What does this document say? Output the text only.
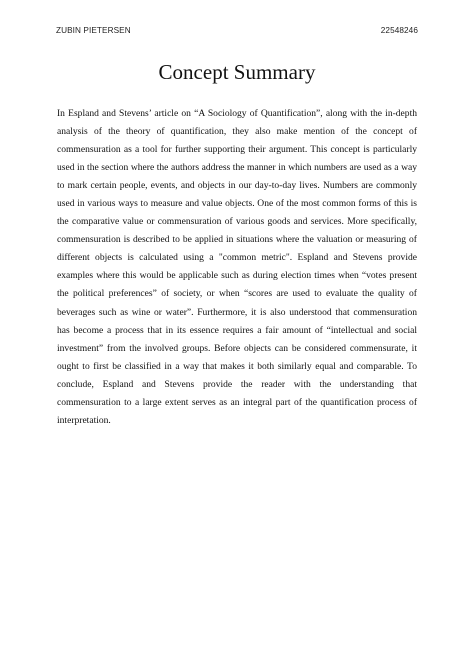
ZUBIN PIETERSEN	22548246
Concept Summary
In Espland and Stevens’ article on “A Sociology of Quantification”, along with the in-depth
analysis of the theory of quantification, they also make mention of the concept of
commensuration as a tool for further supporting their argument. This concept is particularly
used in the section where the authors address the manner in which numbers are used as a way
to mark certain people, events, and objects in our day-to-day lives. Numbers are commonly
used in various ways to measure and value objects. One of the most common forms of this is
the comparative value or commensuration of various goods and services. More specifically,
commensuration is described to be applied in situations where the valuation or measuring of
different objects is calculated using a "common metric". Espland and Stevens provide
examples where this would be applicable such as during election times when “votes present
the political preferences” of society, or when “scores are used to evaluate the quality of
beverages such as wine or water”. Furthermore, it is also understood that commensuration
has become a process that in its essence requires a fair amount of “intellectual and social
investment” from the involved groups. Before objects can be considered commensurate, it
ought to first be classified in a way that makes it both similarly equal and comparable. To
conclude, Espland and Stevens provide the reader with the understanding that
commensuration to a large extent serves as an integral part of the quantification process of
interpretation.
